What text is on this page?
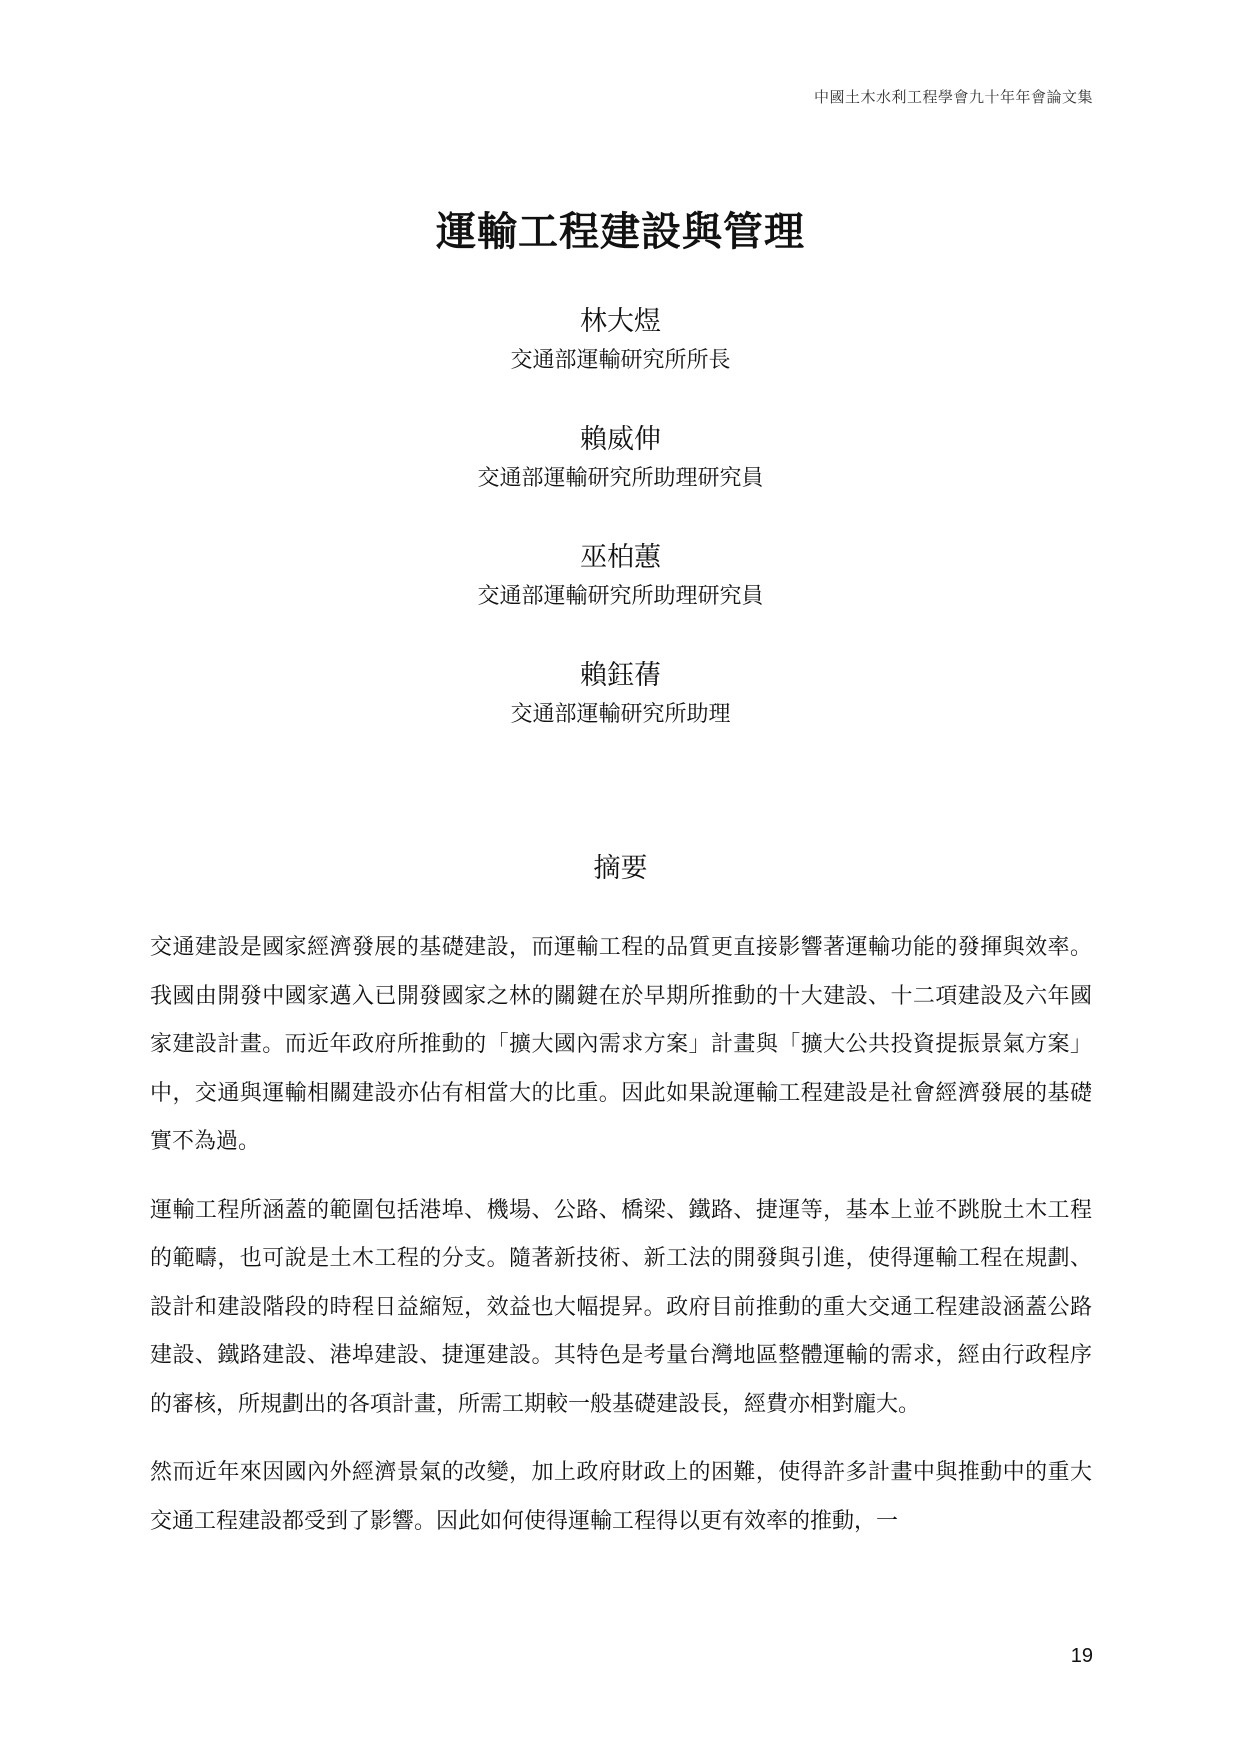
中國土木水利工程學會九十年年會論文集
運輸工程建設與管理
林大煜
交通部運輸研究所所長
賴威伸
交通部運輸研究所助理研究員
巫柏蕙
交通部運輸研究所助理研究員
賴鈺蒨
交通部運輸研究所助理
摘要

交通建設是國家經濟發展的基礎建設，而運輸工程的品質更直接影響著運輸功能的發揮與效率。我國由開發中國家邁入已開發國家之林的關鍵在於早期所推動的十大建設、十二項建設及六年國家建設計畫。而近年政府所推動的「擴大國內需求方案」計畫與「擴大公共投資提振景氣方案」中，交通與運輸相關建設亦佔有相當大的比重。因此如果說運輸工程建設是社會經濟發展的基礎實不為過。

運輸工程所涵蓋的範圍包括港埠、機場、公路、橋梁、鐵路、捷運等，基本上並不跳脫土木工程的範疇，也可說是土木工程的分支。隨著新技術、新工法的開發與引進，使得運輸工程在規劃、設計和建設階段的時程日益縮短，效益也大幅提昇。政府目前推動的重大交通工程建設涵蓋公路建設、鐵路建設、港埠建設、捷運建設。其特色是考量台灣地區整體運輸的需求，經由行政程序的審核，所規劃出的各項計畫，所需工期較一般基礎建設長，經費亦相對龐大。

然而近年來因國內外經濟景氣的改變，加上政府財政上的困難，使得許多計畫中與推動中的重大交通工程建設都受到了影響。因此如何使得運輸工程得以更有效率的推動，一

19
